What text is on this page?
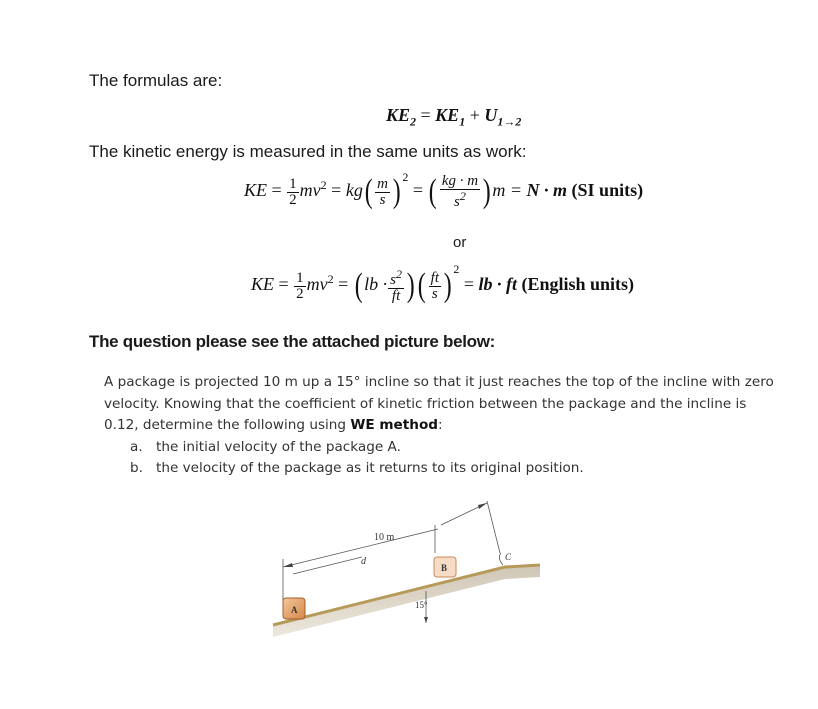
The formulas are:
$KE_2 = KE_1 + U_{1\to 2}$
The kinetic energy is measured in the same units as work:
KE = $\frac{1}{2} mv^2 = kg( \frac{m}{s}$ ) $^2$ = ( $\frac{kg \cdot m}{s^2} )m = N \cdot m$ (SI units)
or
KE = $\frac{1}{2} mv^2 = (lb \cdot \frac{s^2}{ft}$ )( $\frac{ft}{s}$ ) $^2$ = lb · ft (English units)
The question please see the attached picture below:
A package is projected 10 m up a 15° incline so that it just reaches the top of the incline with zero
velocity. Knowing that the coefficient of kinetic friction between the package and the incline is
0.12, determine the following using WE method:
a. the initial velocity of the package A.
b. the velocity of the package as it returns to its original position.
10 m
d
15°
A
B
C
